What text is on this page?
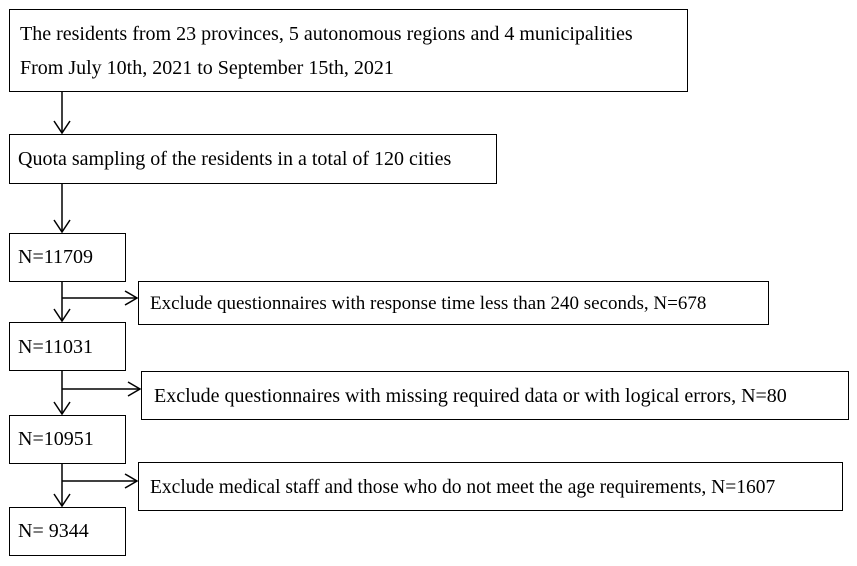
The residents from 23 provinces, 5 autonomous regions and 4 municipalities
From July 10th, 2021 to September 15th, 2021
Quota sampling of the residents in a total of 120 cities
N=11709
Exclude questionnaires with response time less than 240 seconds, N=678
N=11031
Exclude questionnaires with missing required data or with logical errors, N=80
N=10951
Exclude medical staff and those who do not meet the age requirements, N=1607
N= 9344
